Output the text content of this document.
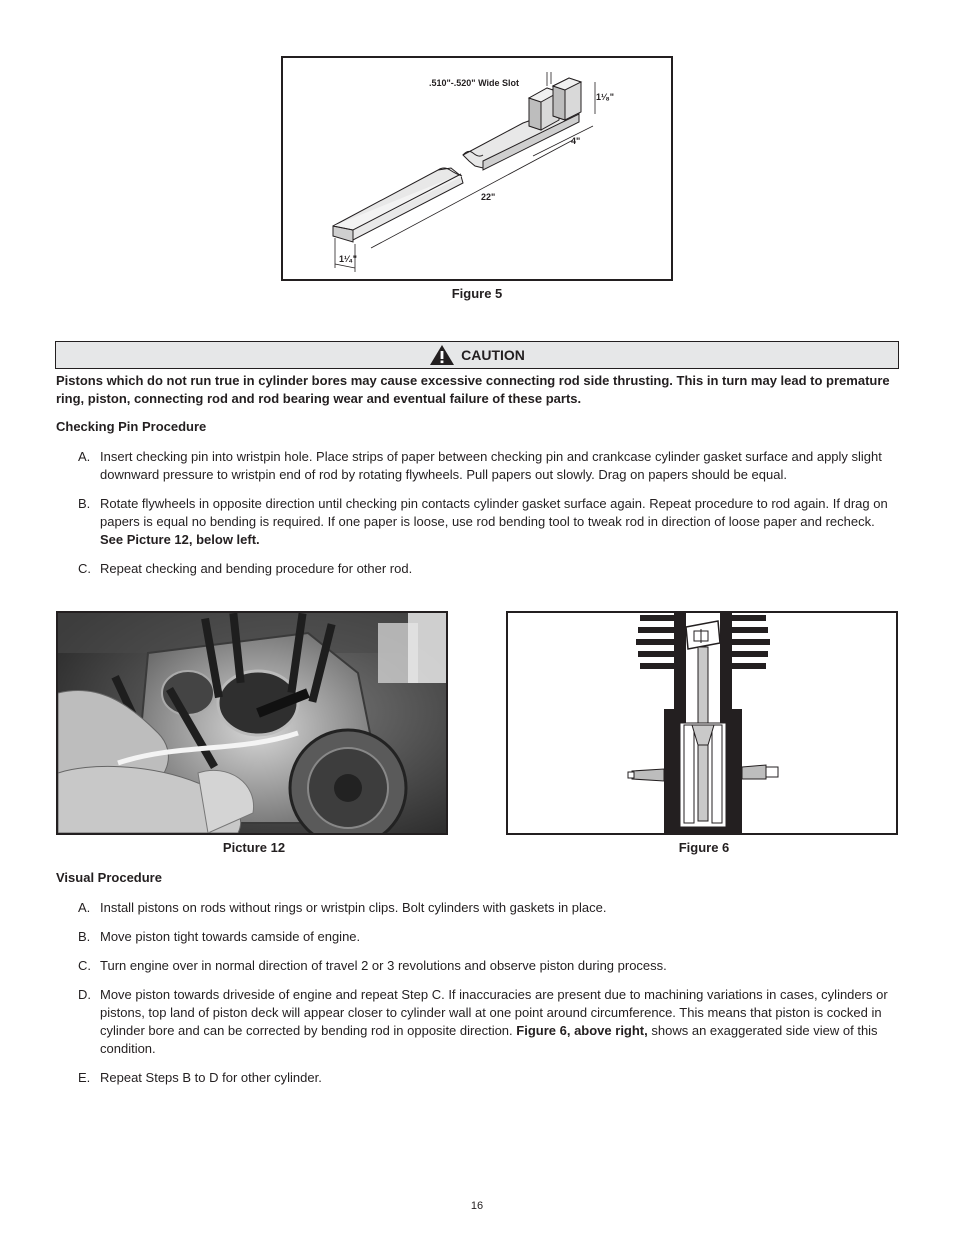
.510"-.520" Wide Slot
1¹⁄₈"
4"
22"
1¹⁄₄"
Figure 5
CAUTION
Pistons which do not run true in cylinder bores may cause excessive connecting rod side thrusting. This in turn may lead to premature ring, piston, connecting rod and rod bearing wear and eventual failure of these parts.
Checking Pin Procedure
A. Insert checking pin into wristpin hole. Place strips of paper between checking pin and crankcase cylinder gasket surface and apply slight downward pressure to wristpin end of rod by rotating flywheels. Pull papers out slowly. Drag on papers should be equal.
B. Rotate flywheels in opposite direction until checking pin contacts cylinder gasket surface again. Repeat procedure to rod again. If drag on papers is equal no bending is required. If one paper is loose, use rod bending tool to tweak rod in direction of loose paper and recheck. See Picture 12, below left.
C. Repeat checking and bending procedure for other rod.
Picture 12	Figure 6
Visual Procedure
A. Install pistons on rods without rings or wristpin clips. Bolt cylinders with gaskets in place.
B. Move piston tight towards camside of engine.
C. Turn engine over in normal direction of travel 2 or 3 revolutions and observe piston during process.
D. Move piston towards driveside of engine and repeat Step C. If inaccuracies are present due to machining variations in cases, cylinders or pistons, top land of piston deck will appear closer to cylinder wall at one point around circumference. This means that piston is cocked in cylinder bore and can be corrected by bending rod in opposite direction. Figure 6, above right, shows an exaggerated side view of this condition.
E. Repeat Steps B to D for other cylinder.
16
